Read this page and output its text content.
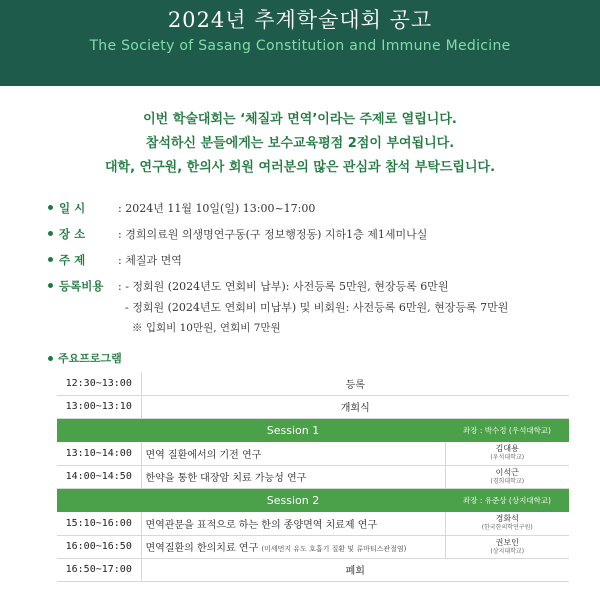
2024년 추계학술대회 공고
The Society of Sasang Constitution and Immune Medicine
이번 학술대회는 ‘체질과 면역’이라는 주제로 열립니다.
참석하신 분들에게는 보수교육평점 2점이 부여됩니다.
대학, 연구원, 한의사 회원 여러분의 많은 관심과 참석 부탁드립니다.
일 시	: 2024년 11월 10일(일) 13:00~17:00
장 소	: 경희의료원 의생명연구동(구 정보행정동) 지하1층 제1세미나실
주 제	: 체질과 면역
등록비용	: - 정회원 (2024년도 연회비 납부): 사전등록 5만원, 현장등록 6만원
- 정회원 (2024년도 연회비 미납부) 및 비회원: 사전등록 6만원, 현장등록 7만원
※ 입회비 10만원, 연회비 7만원
주요프로그램
12:30~13:00	등록	
13:00~13:10	개회식	
	Session 1	좌장 : 박수정 (우석대학교)
13:10~14:00	면역 질환에서의 기전 연구	김대용
(우석대학교)

14:00~14:50	한약을 통한 대장암 치료 가능성 연구	이석근
(경희대학교)

	Session 2	좌장 : 유준상 (상지대학교)
15:10~16:00	면역관문을 표적으로 하는 한의 종양면역 치료제 연구	경화석
(한국한의학연구원)

16:00~16:50	면역질환의 한의치료 연구 (미세먼지 유도 호흡기 질환 및 류마티스관절염)	권보인
(상지대학교)

16:50~17:00	폐회	
